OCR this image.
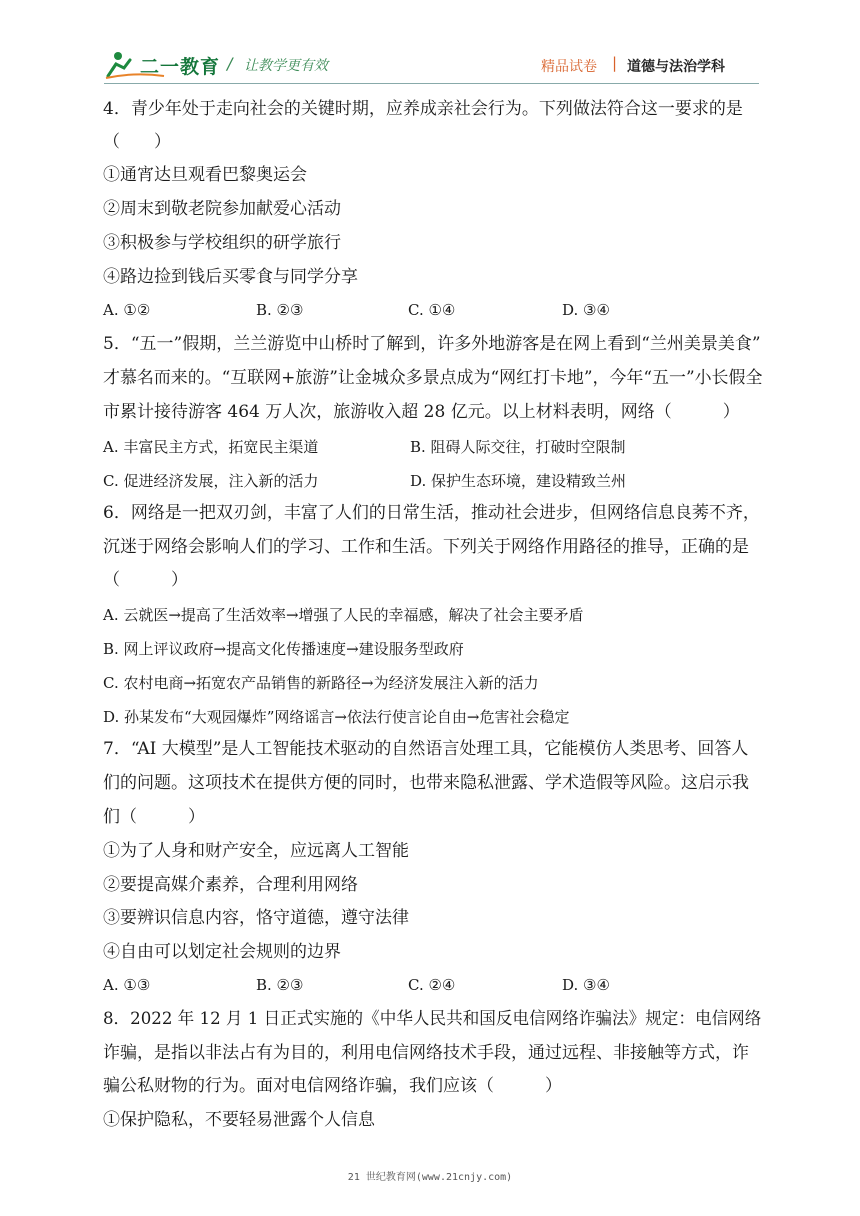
二一教育 / 让教学更有效	精品试卷 | 道德与法治学科
4．青少年处于走向社会的关键时期，应养成亲社会行为。下列做法符合这一要求的是
（　　）
①通宵达旦观看巴黎奥运会
②周末到敬老院参加献爱心活动
③积极参与学校组织的研学旅行
④路边捡到钱后买零食与同学分享
A. ①②	B. ②③	C. ①④	D. ③④
5．“五一”假期，兰兰游览中山桥时了解到，许多外地游客是在网上看到“兰州美景美食”
才慕名而来的。“互联网+旅游”让金城众多景点成为“网红打卡地”，今年“五一”小长假全
市累计接待游客 464 万人次，旅游收入超 28 亿元。以上材料表明，网络（　　　）
A. 丰富民主方式，拓宽民主渠道	B. 阻碍人际交往，打破时空限制
C. 促进经济发展，注入新的活力	D. 保护生态环境，建设精致兰州
6．网络是一把双刃剑，丰富了人们的日常生活，推动社会进步，但网络信息良莠不齐，
沉迷于网络会影响人们的学习、工作和生活。下列关于网络作用路径的推导，正确的是
（　　　）
A. 云就医→提高了生活效率→增强了人民的幸福感，解决了社会主要矛盾
B. 网上评议政府→提高文化传播速度→建设服务型政府
C. 农村电商→拓宽农产品销售的新路径→为经济发展注入新的活力
D. 孙某发布“大观园爆炸”网络谣言→依法行使言论自由→危害社会稳定
7．“AI 大模型”是人工智能技术驱动的自然语言处理工具，它能模仿人类思考、回答人
们的问题。这项技术在提供方便的同时，也带来隐私泄露、学术造假等风险。这启示我
们（　　　）
①为了人身和财产安全，应远离人工智能
②要提高媒介素养，合理利用网络
③要辨识信息内容，恪守道德，遵守法律
④自由可以划定社会规则的边界
A. ①③	B. ②③	C. ②④	D. ③④
8．2022 年 12 月 1 日正式实施的《中华人民共和国反电信网络诈骗法》规定：电信网络
诈骗，是指以非法占有为目的，利用电信网络技术手段，通过远程、非接触等方式，诈
骗公私财物的行为。面对电信网络诈骗，我们应该（　　　）
①保护隐私，不要轻易泄露个人信息
21 世纪教育网(www.21cnjy.com)
